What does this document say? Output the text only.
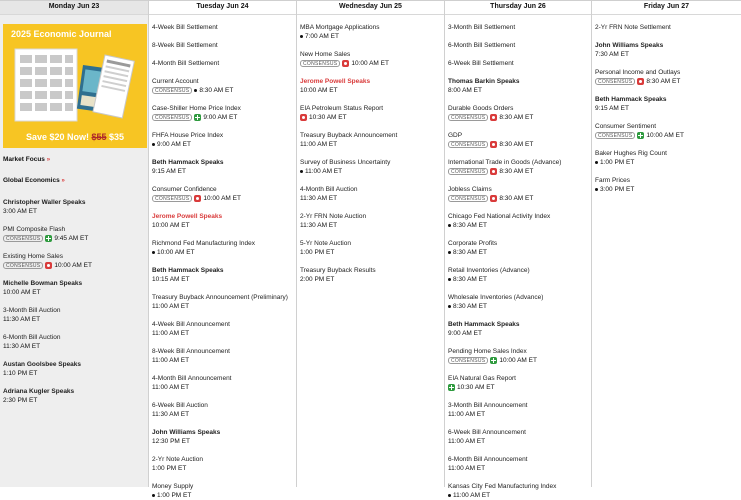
Monday Jun 23
2025 Economic Journal
Save $20 Now! $55 $35
Market Focus »
Global Economics »
Christopher Waller Speaks
3:00 AM ET
PMI Composite Flash
CONSENSUS	9:45 AM ET
Existing Home Sales
CONSENSUS	10:00 AM ET
Michelle Bowman Speaks
10:00 AM ET
3-Month Bill Auction
11:30 AM ET
6-Month Bill Auction
11:30 AM ET
Austan Goolsbee Speaks
1:10 PM ET
Adriana Kugler Speaks
2:30 PM ET
Tuesday Jun 24
4-Week Bill Settlement
8-Week Bill Settlement
4-Month Bill Settlement
Current Account
CONSENSUS	8:30 AM ET
Case-Shiller Home Price Index
CONSENSUS	9:00 AM ET
FHFA House Price Index
9:00 AM ET
Beth Hammack Speaks
9:15 AM ET
Consumer Confidence
CONSENSUS	10:00 AM ET
Jerome Powell Speaks
10:00 AM ET
Richmond Fed Manufacturing Index
10:00 AM ET
Beth Hammack Speaks
10:15 AM ET
Treasury Buyback Announcement (Preliminary)
11:00 AM ET
4-Week Bill Announcement
11:00 AM ET
8-Week Bill Announcement
11:00 AM ET
4-Month Bill Announcement
11:00 AM ET
6-Week Bill Auction
11:30 AM ET
John Williams Speaks
12:30 PM ET
2-Yr Note Auction
1:00 PM ET
Money Supply
1:00 PM ET
Wednesday Jun 25
MBA Mortgage Applications
7:00 AM ET
New Home Sales
CONSENSUS	10:00 AM ET
Jerome Powell Speaks
10:00 AM ET
EIA Petroleum Status Report
10:30 AM ET
Treasury Buyback Announcement
11:00 AM ET
Survey of Business Uncertainty
11:00 AM ET
4-Month Bill Auction
11:30 AM ET
2-Yr FRN Note Auction
11:30 AM ET
5-Yr Note Auction
1:00 PM ET
Treasury Buyback Results
2:00 PM ET
Thursday Jun 26
3-Month Bill Settlement
6-Month Bill Settlement
6-Week Bill Settlement
Thomas Barkin Speaks
8:00 AM ET
Durable Goods Orders
CONSENSUS	8:30 AM ET
GDP
CONSENSUS	8:30 AM ET
International Trade in Goods (Advance)
CONSENSUS	8:30 AM ET
Jobless Claims
CONSENSUS	8:30 AM ET
Chicago Fed National Activity Index
8:30 AM ET
Corporate Profits
8:30 AM ET
Retail Inventories (Advance)
8:30 AM ET
Wholesale Inventories (Advance)
8:30 AM ET
Beth Hammack Speaks
9:00 AM ET
Pending Home Sales Index
CONSENSUS	10:00 AM ET
EIA Natural Gas Report
10:30 AM ET
3-Month Bill Announcement
11:00 AM ET
6-Week Bill Announcement
11:00 AM ET
6-Month Bill Announcement
11:00 AM ET
Kansas City Fed Manufacturing Index
11:00 AM ET
Friday Jun 27
2-Yr FRN Note Settlement
John Williams Speaks
7:30 AM ET
Personal Income and Outlays
CONSENSUS	8:30 AM ET
Beth Hammack Speaks
9:15 AM ET
Consumer Sentiment
CONSENSUS	10:00 AM ET
Baker Hughes Rig Count
1:00 PM ET
Farm Prices
3:00 PM ET
